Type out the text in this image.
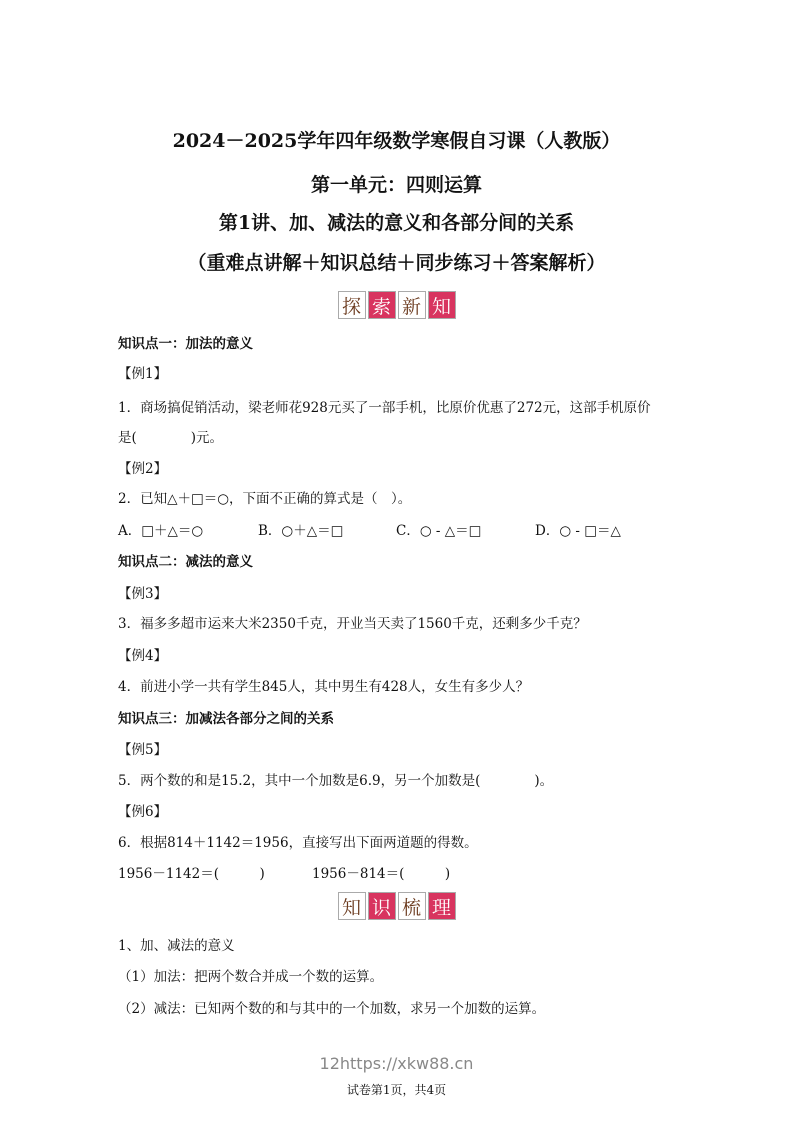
2024－2025学年四年级数学寒假自习课（人教版）
第一单元：四则运算
第1讲、加、减法的意义和各部分间的关系
（重难点讲解＋知识总结＋同步练习＋答案解析）
探 索 新 知
知识点一：加法的意义
【例1】
1．商场搞促销活动，梁老师花928元买了一部手机，比原价优惠了272元，这部手机原价
是(　　　　)元。
【例2】
2．已知△＋□＝○，下面不正确的算式是（　）。
A．□＋△＝○	B．○＋△＝□	C．○ - △＝□	D．○ - □＝△
知识点二：减法的意义
【例3】
3．福多多超市运来大米2350千克，开业当天卖了1560千克，还剩多少千克？
【例4】
4．前进小学一共有学生845人，其中男生有428人，女生有多少人？
知识点三：加减法各部分之间的关系
【例5】
5．两个数的和是15.2，其中一个加数是6.9，另一个加数是(　　　　)。
【例6】
6．根据814＋1142＝1956，直接写出下面两道题的得数。
1956－1142＝(　　　)	1956－814＝(　　　)
知 识 梳 理
1、加、减法的意义
（1）加法：把两个数合并成一个数的运算。
（2）减法：已知两个数的和与其中的一个加数，求另一个加数的运算。
12https://xkw88.cn
试卷第1页，共4页
